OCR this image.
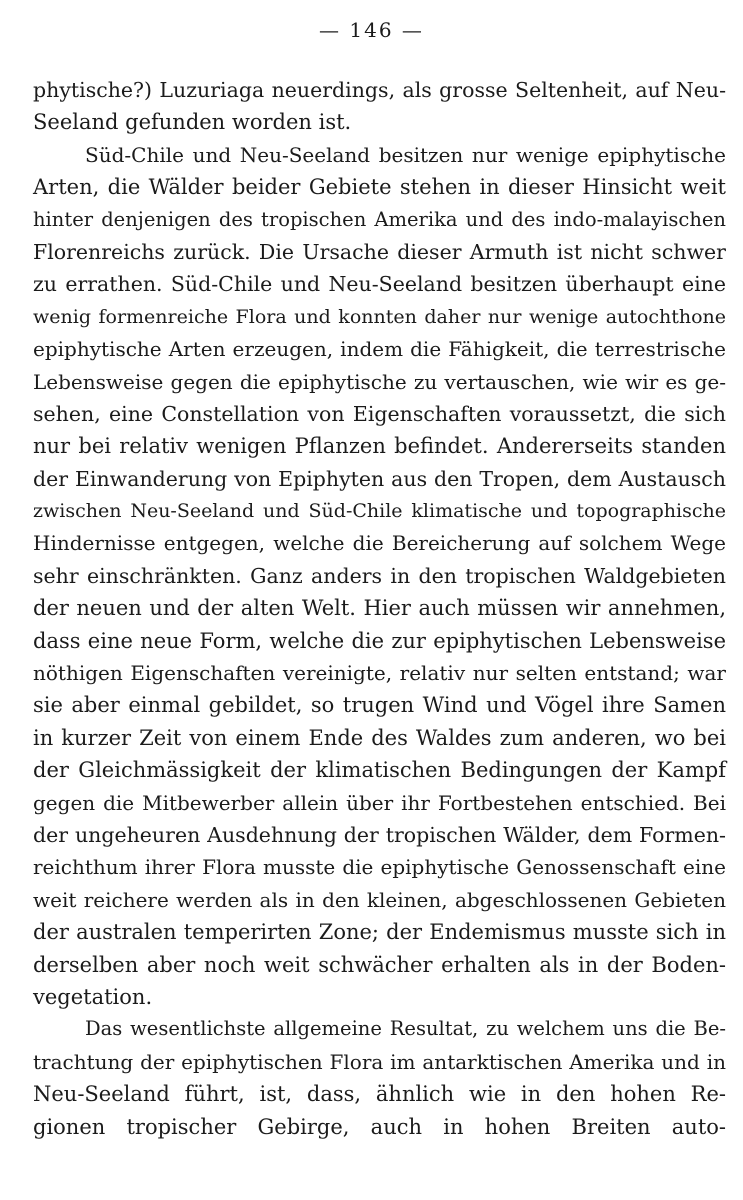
— 146 —
phytische?) Luzuriaga neuerdings, als grosse Seltenheit, auf Neu-
Seeland gefunden worden ist.
Süd-Chile und Neu-Seeland besitzen nur wenige epiphytische
Arten, die Wälder beider Gebiete stehen in dieser Hinsicht weit
hinter denjenigen des tropischen Amerika und des indo-malayischen
Florenreichs zurück. Die Ursache dieser Armuth ist nicht schwer
zu errathen. Süd-Chile und Neu-Seeland besitzen überhaupt eine
wenig formenreiche Flora und konnten daher nur wenige autochthone
epiphytische Arten erzeugen, indem die Fähigkeit, die terrestrische
Lebensweise gegen die epiphytische zu vertauschen, wie wir es ge-
sehen, eine Constellation von Eigenschaften voraussetzt, die sich
nur bei relativ wenigen Pflanzen befindet. Andererseits standen
der Einwanderung von Epiphyten aus den Tropen, dem Austausch
zwischen Neu-Seeland und Süd-Chile klimatische und topographische
Hindernisse entgegen, welche die Bereicherung auf solchem Wege
sehr einschränkten. Ganz anders in den tropischen Waldgebieten
der neuen und der alten Welt. Hier auch müssen wir annehmen,
dass eine neue Form, welche die zur epiphytischen Lebensweise
nöthigen Eigenschaften vereinigte, relativ nur selten entstand; war
sie aber einmal gebildet, so trugen Wind und Vögel ihre Samen
in kurzer Zeit von einem Ende des Waldes zum anderen, wo bei
der Gleichmässigkeit der klimatischen Bedingungen der Kampf
gegen die Mitbewerber allein über ihr Fortbestehen entschied. Bei
der ungeheuren Ausdehnung der tropischen Wälder, dem Formen-
reichthum ihrer Flora musste die epiphytische Genossenschaft eine
weit reichere werden als in den kleinen, abgeschlossenen Gebieten
der australen temperirten Zone; der Endemismus musste sich in
derselben aber noch weit schwächer erhalten als in der Boden-
vegetation.
Das wesentlichste allgemeine Resultat, zu welchem uns die Be-
trachtung der epiphytischen Flora im antarktischen Amerika und in
Neu-Seeland führt, ist, dass, ähnlich wie in den hohen Re-
gionen tropischer Gebirge, auch in hohen Breiten auto-
